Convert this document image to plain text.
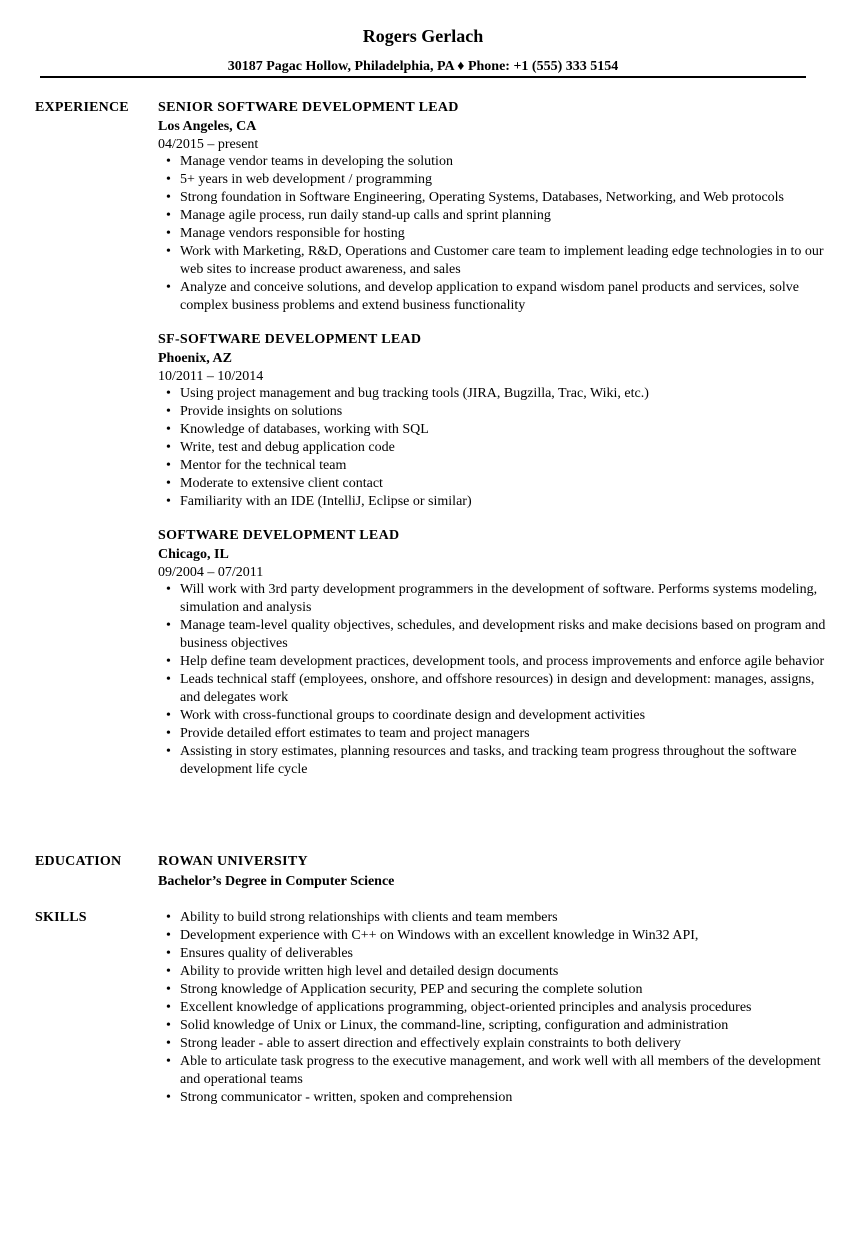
Rogers Gerlach
30187 Pagac Hollow, Philadelphia, PA ♦ Phone: +1 (555) 333 5154
EXPERIENCE SENIOR SOFTWARE DEVELOPMENT LEAD
Los Angeles, CA
04/2015 – present
• Manage vendor teams in developing the solution
• 5+ years in web development / programming
• Strong foundation in Software Engineering, Operating Systems, Databases, Networking, and Web protocols
• Manage agile process, run daily stand-up calls and sprint planning
• Manage vendors responsible for hosting
• Work with Marketing, R&D, Operations and Customer care team to implement leading edge technologies in to our web sites to increase product awareness, and sales
• Analyze and conceive solutions, and develop application to expand wisdom panel products and services, solve complex business problems and extend business functionality
SF-SOFTWARE DEVELOPMENT LEAD
Phoenix, AZ
10/2011 – 10/2014
• Using project management and bug tracking tools (JIRA, Bugzilla, Trac, Wiki, etc.)
• Provide insights on solutions
• Knowledge of databases, working with SQL
• Write, test and debug application code
• Mentor for the technical team
• Moderate to extensive client contact
• Familiarity with an IDE (IntelliJ, Eclipse or similar)
SOFTWARE DEVELOPMENT LEAD
Chicago, IL
09/2004 – 07/2011
• Will work with 3rd party development programmers in the development of software. Performs systems modeling, simulation and analysis
• Manage team-level quality objectives, schedules, and development risks and make decisions based on program and business objectives
• Help define team development practices, development tools, and process improvements and enforce agile behavior
• Leads technical staff (employees, onshore, and offshore resources) in design and development: manages, assigns, and delegates work
• Work with cross-functional groups to coordinate design and development activities
• Provide detailed effort estimates to team and project managers
• Assisting in story estimates, planning resources and tasks, and tracking team progress throughout the software development life cycle
EDUCATION	ROWAN UNIVERSITY
Bachelor’s Degree in Computer Science
SKILLS
•	Ability to build strong relationships with clients and team members
• Development experience with C++ on Windows with an excellent knowledge in Win32 API,
• Ensures quality of deliverables
• Ability to provide written high level and detailed design documents
• Strong knowledge of Application security, PEP and securing the complete solution
• Excellent knowledge of applications programming, object-oriented principles and analysis procedures
• Solid knowledge of Unix or Linux, the command-line, scripting, configuration and administration
• Strong leader - able to assert direction and effectively explain constraints to both delivery
• Able to articulate task progress to the executive management, and work well with all members of the development and operational teams
• Strong communicator - written, spoken and comprehension
